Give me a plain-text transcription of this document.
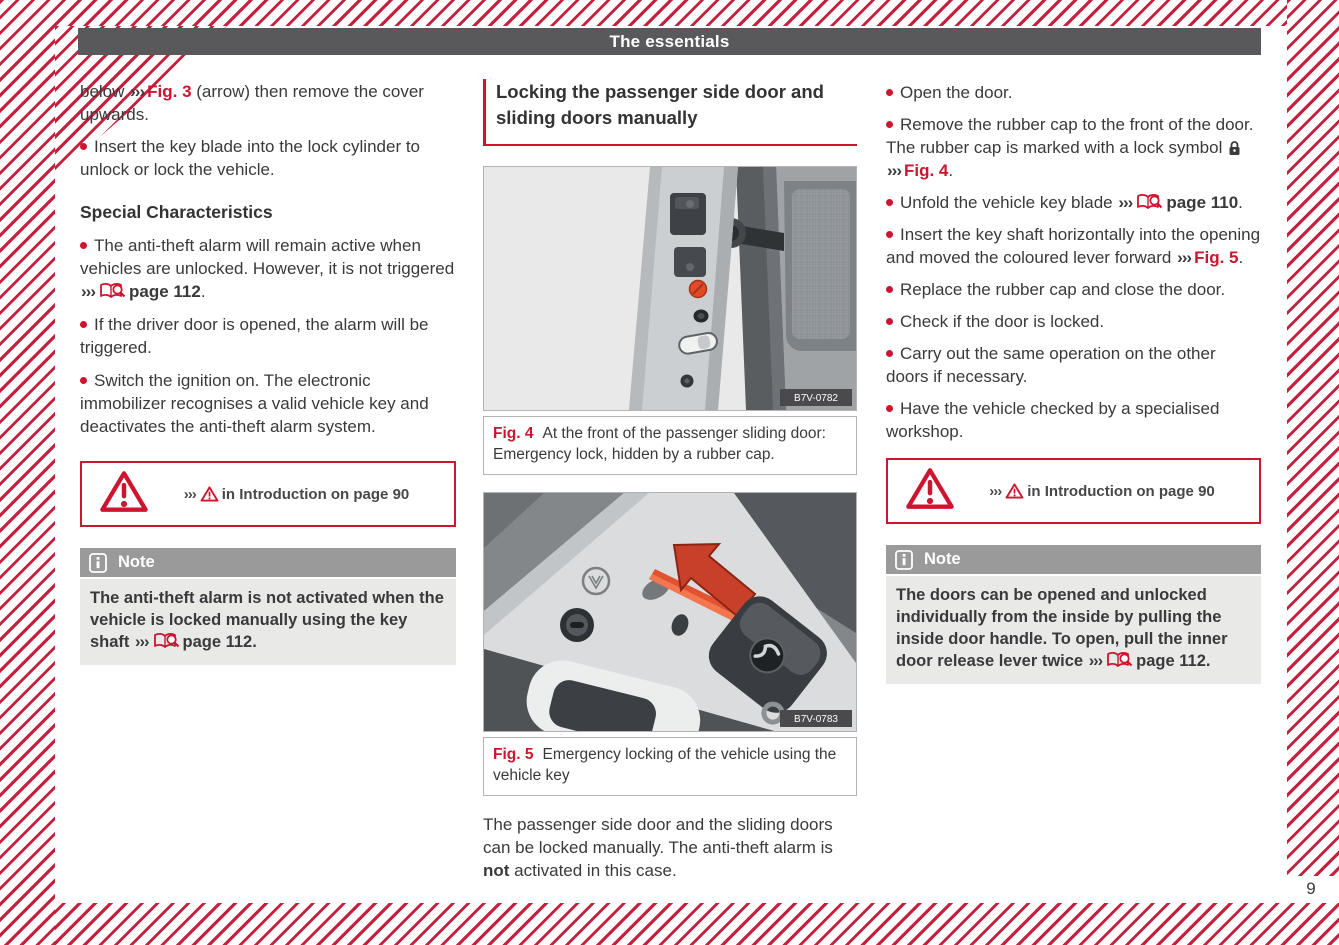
The essentials

below ››› Fig. 3 (arrow) then remove the cover upwards.

Insert the key blade into the lock cylinder to unlock or lock the vehicle.

Special Characteristics

The anti-theft alarm will remain active when vehicles are unlocked. However, it is not triggered ››› page 112.

If the driver door is opened, the alarm will be triggered.

Switch the ignition on. The electronic immobilizer recognises a valid vehicle key and deactivates the anti-theft alarm system.

››› in Introduction on page 90
Note
The anti-theft alarm is not activated when the vehicle is locked manually using the key shaft ››› page 112.
Locking the passenger side door and sliding doors manually
B7V-0782
Fig. 4 At the front of the passenger sliding door: Emergency lock, hidden by a rubber cap.
B7V-0783
Fig. 5 Emergency locking of the vehicle using the vehicle key

The passenger side door and the sliding doors can be locked manually. The anti-theft alarm is not activated in this case.

Open the door.

Remove the rubber cap to the front of the door. The rubber cap is marked with a lock symbol
››› Fig. 4.

Unfold the vehicle key blade ››› page 110.

Insert the key shaft horizontally into the opening and moved the coloured lever forward ››› Fig. 5.

Replace the rubber cap and close the door.

Check if the door is locked.

Carry out the same operation on the other doors if necessary.

Have the vehicle checked by a specialised workshop.

››› in Introduction on page 90
Note
The doors can be opened and unlocked individually from the inside by pulling the inside door handle. To open, pull the inner door release lever twice ››› page 112.
9
